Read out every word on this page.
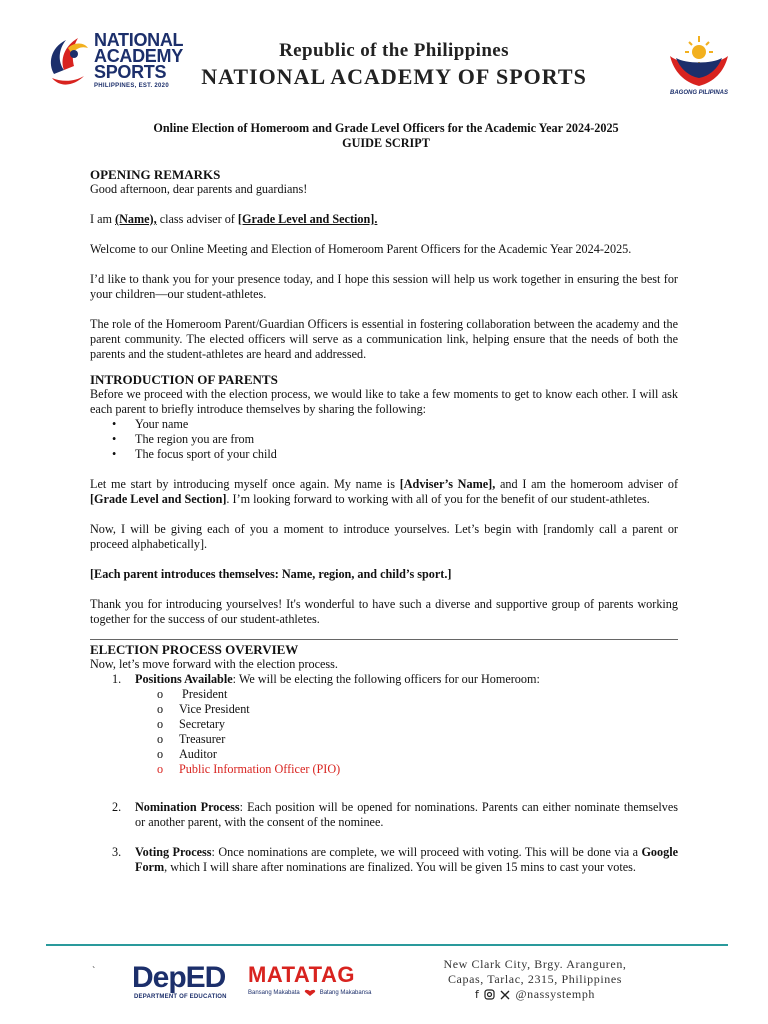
NATIONAL
ACADEMY
SPORTS
PHILIPPINES, EST. 2020
Republic of the Philippines
NATIONAL ACADEMY OF SPORTS
BAGONG PILIPINAS
Online Election of Homeroom and Grade Level Officers for the Academic Year 2024-2025
GUIDE SCRIPT
OPENING REMARKS

Good afternoon, dear parents and guardians!

I am (Name), class adviser of [Grade Level and Section].

Welcome to our Online Meeting and Election of Homeroom Parent Officers for the Academic Year 2024-2025.

I’d like to thank you for your presence today, and I hope this session will help us work together in ensuring the best for your children—our student-athletes.

The role of the Homeroom Parent/Guardian Officers is essential in fostering collaboration between the academy and the parent community. The elected officers will serve as a communication link, helping ensure that the needs of both the parents and the student-athletes are heard and addressed.

INTRODUCTION OF PARENTS

Before we proceed with the election process, we would like to take a few moments to get to know each other. I will ask each parent to briefly introduce themselves by sharing the following:

• Your name
• The region you are from
• The focus sport of your child

Let me start by introducing myself once again. My name is [Adviser’s Name], and I am the homeroom adviser of [Grade Level and Section]. I’m looking forward to working with all of you for the benefit of our student-athletes.

Now, I will be giving each of you a moment to introduce yourselves. Let’s begin with [randomly call a parent or proceed alphabetically].

[Each parent introduces themselves: Name, region, and child’s sport.]

Thank you for introducing yourselves! It's wonderful to have such a diverse and supportive group of parents working together for the success of our student-athletes.

ELECTION PROCESS OVERVIEW

Now, let’s move forward with the election process.

1. Positions Available: We will be electing the following officers for our Homeroom:
o President
o Vice President
o Secretary
o Treasurer
o Auditor
o Public Information Officer (PIO)
2. Nomination Process: Each position will be opened for nominations. Parents can either nominate themselves or another parent, with the consent of the nominee.
3. Voting Process: Once nominations are complete, we will proceed with voting. This will be done via a Google Form, which I will share after nominations are finalized. You will be given 15 mins to cast your votes.
` DepED
DEPARTMENT OF EDUCATION
MATATAG
Bansang Makabata	Batang Makabansa
New Clark City, Brgy. Aranguren,
Capas, Tarlac, 2315, Philippines
f	@nassystemph
